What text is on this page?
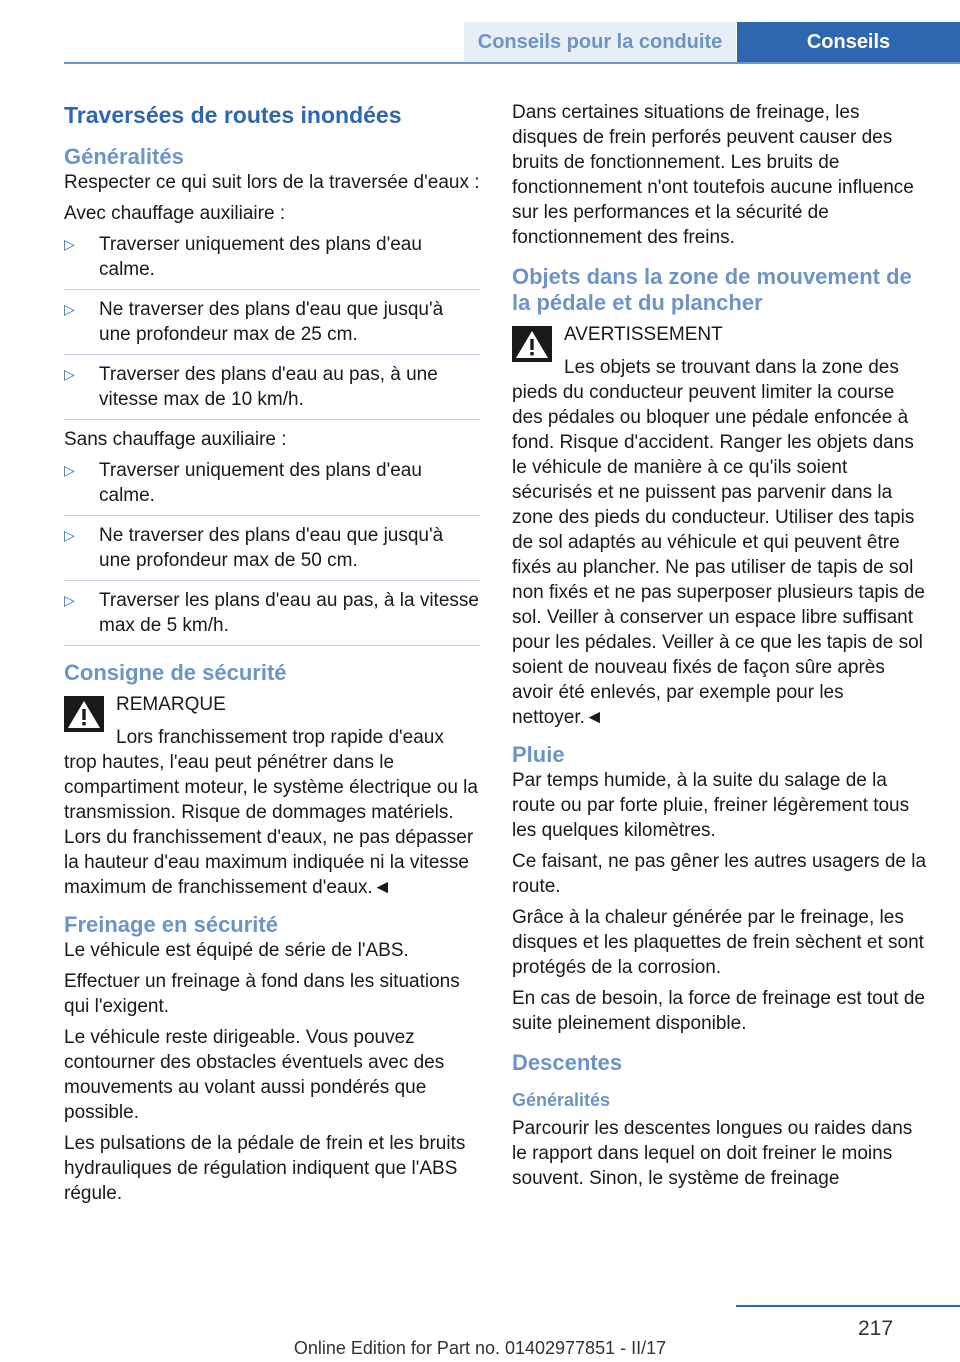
Conseils pour la conduite	Conseils
Traversées de routes inondées
Généralités

Respecter ce qui suit lors de la traversée d'eaux :

Avec chauffage auxiliaire :

▷ Traverser uniquement des plans d'eau calme.
▷ Ne traverser des plans d'eau que jusqu'à une profondeur max de 25 cm.
▷ Traverser des plans d'eau au pas, à une vitesse max de 10 km/h.

Sans chauffage auxiliaire :

▷ Traverser uniquement des plans d'eau calme.
▷ Ne traverser des plans d'eau que jusqu'à une profondeur max de 50 cm.
▷ Traverser les plans d'eau au pas, à la vitesse max de 5 km/h.
Consigne de sécurité
REMARQUE
Lors franchissement trop rapide d'eaux trop hautes, l'eau peut pénétrer dans le compartiment moteur, le système électrique ou la transmission. Risque de dommages matériels. Lors du franchissement d'eaux, ne pas dépasser la hauteur d'eau maximum indiquée ni la vitesse maximum de franchissement d'eaux.◄
Freinage en sécurité

Le véhicule est équipé de série de l'ABS.

Effectuer un freinage à fond dans les situations qui l'exigent.

Le véhicule reste dirigeable. Vous pouvez contourner des obstacles éventuels avec des mouvements au volant aussi pondérés que possible.

Les pulsations de la pédale de frein et les bruits hydrauliques de régulation indiquent que l'ABS régule.

Dans certaines situations de freinage, les disques de frein perforés peuvent causer des bruits de fonctionnement. Les bruits de fonctionnement n'ont toutefois aucune influence sur les performances et la sécurité de fonctionnement des freins.

Objets dans la zone de mouvement de la pédale et du plancher
AVERTISSEMENT
Les objets se trouvant dans la zone des pieds du conducteur peuvent limiter la course des pédales ou bloquer une pédale enfoncée à fond. Risque d'accident. Ranger les objets dans le véhicule de manière à ce qu'ils soient sécurisés et ne puissent pas parvenir dans la zone des pieds du conducteur. Utiliser des tapis de sol adaptés au véhicule et qui peuvent être fixés au plancher. Ne pas utiliser de tapis de sol non fixés et ne pas superposer plusieurs tapis de sol. Veiller à conserver un espace libre suffisant pour les pédales. Veiller à ce que les tapis de sol soient de nouveau fixés de façon sûre après avoir été enlevés, par exemple pour les nettoyer.◄
Pluie

Par temps humide, à la suite du salage de la route ou par forte pluie, freiner légèrement tous les quelques kilomètres.

Ce faisant, ne pas gêner les autres usagers de la route.

Grâce à la chaleur générée par le freinage, les disques et les plaquettes de frein sèchent et sont protégés de la corrosion.

En cas de besoin, la force de freinage est tout de suite pleinement disponible.

Descentes
Généralités

Parcourir les descentes longues ou raides dans le rapport dans lequel on doit freiner le moins souvent. Sinon, le système de freinage

217
Online Edition for Part no. 01402977851 - II/17
